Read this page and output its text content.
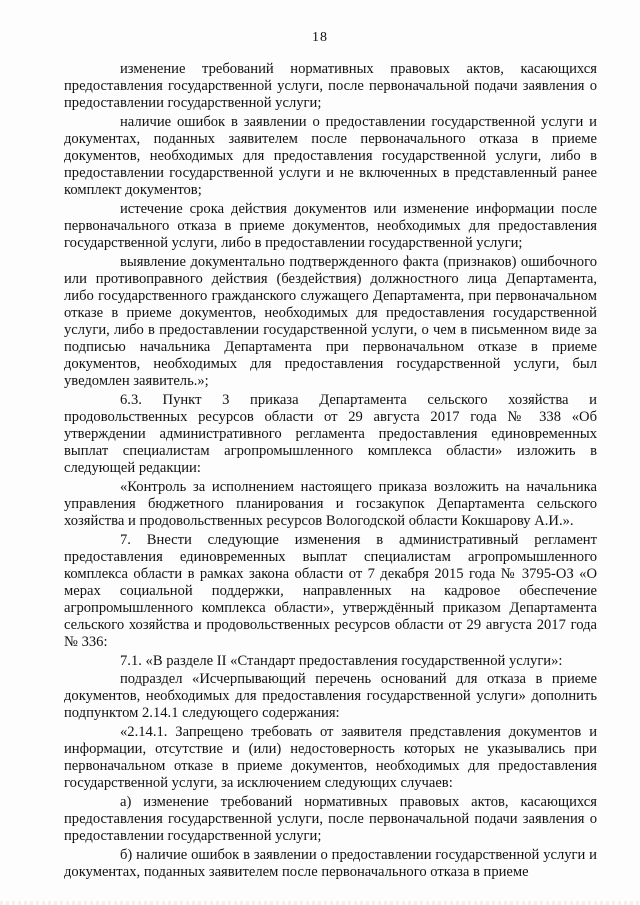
18

изменение требований нормативных правовых актов, касающихся предоставления государственной услуги, после первоначальной подачи заявления о предоставлении государственной услуги;

наличие ошибок в заявлении о предоставлении государственной услуги и документах, поданных заявителем после первоначального отказа в приеме документов, необходимых для предоставления государственной услуги, либо в предоставлении государственной услуги и не включенных в представленный ранее комплект документов;

истечение срока действия документов или изменение информации после первоначального отказа в приеме документов, необходимых для предоставления государственной услуги, либо в предоставлении государственной услуги;

выявление документально подтвержденного факта (признаков) ошибочного или противоправного действия (бездействия) должностного лица Департамента, либо государственного гражданского служащего Департамента, при первоначальном отказе в приеме документов, необходимых для предоставления государственной услуги, либо в предоставлении государственной услуги, о чем в письменном виде за подписью начальника Департамента при первоначальном отказе в приеме документов, необходимых для предоставления государственной услуги, был уведомлен заявитель.»;

6.3. Пункт 3 приказа Департамента сельского хозяйства и продовольственных ресурсов области от 29 августа 2017 года № 338 «Об утверждении административного регламента предоставления единовременных выплат специалистам агропромышленного комплекса области» изложить в следующей редакции:

«Контроль за исполнением настоящего приказа возложить на начальника управления бюджетного планирования и госзакупок Департамента сельского хозяйства и продовольственных ресурсов Вологодской области Кокшарову А.И.».

7. Внести следующие изменения в административный регламент предоставления единовременных выплат специалистам агропромышленного комплекса области в рамках закона области от 7 декабря 2015 года № 3795-ОЗ «О мерах социальной поддержки, направленных на кадровое обеспечение агропромышленного комплекса области», утверждённый приказом Департамента сельского хозяйства и продовольственных ресурсов области от 29 августа 2017 года № 336:

7.1. «В разделе II «Стандарт предоставления государственной услуги»:

подраздел «Исчерпывающий перечень оснований для отказа в приеме документов, необходимых для предоставления государственной услуги» дополнить подпунктом 2.14.1 следующего содержания:

«2.14.1. Запрещено требовать от заявителя представления документов и информации, отсутствие и (или) недостоверность которых не указывались при первоначальном отказе в приеме документов, необходимых для предоставления государственной услуги, за исключением следующих случаев:

а) изменение требований нормативных правовых актов, касающихся предоставления государственной услуги, после первоначальной подачи заявления о предоставлении государственной услуги;

б) наличие ошибок в заявлении о предоставлении государственной услуги и документах, поданных заявителем после первоначального отказа в приеме
